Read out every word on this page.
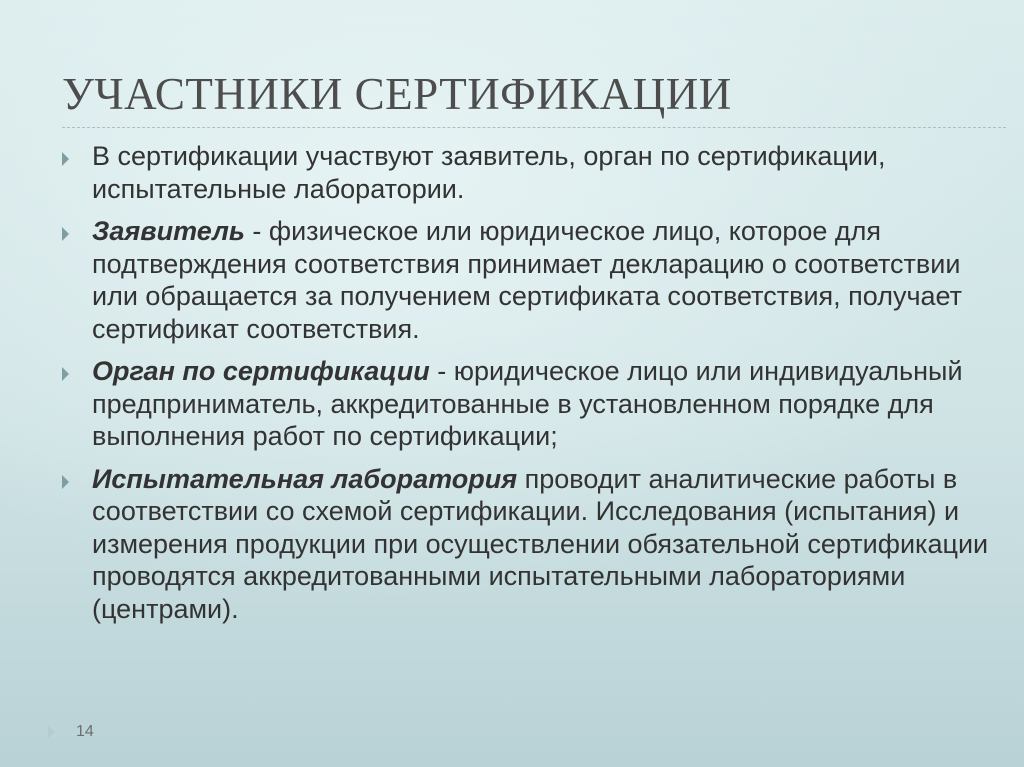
УЧАСТНИКИ СЕРТИФИКАЦИИ
В сертификации участвуют заявитель, орган по сертификации, испытательные лаборатории.
Заявитель - физическое или юридическое лицо, которое для подтверждения соответствия принимает декларацию о соответствии или обращается за получением сертификата соответствия, получает сертификат соответствия.
Орган по сертификации - юридическое лицо или индивидуальный предприниматель, аккредитованные в установленном порядке для выполнения работ по сертификации;
Испытательная лаборатория проводит аналитические работы в соответствии со схемой сертификации. Исследования (испытания) и измерения продукции при осуществлении обязательной сертификации проводятся аккредитованными испытательными лабораториями (центрами).
14
